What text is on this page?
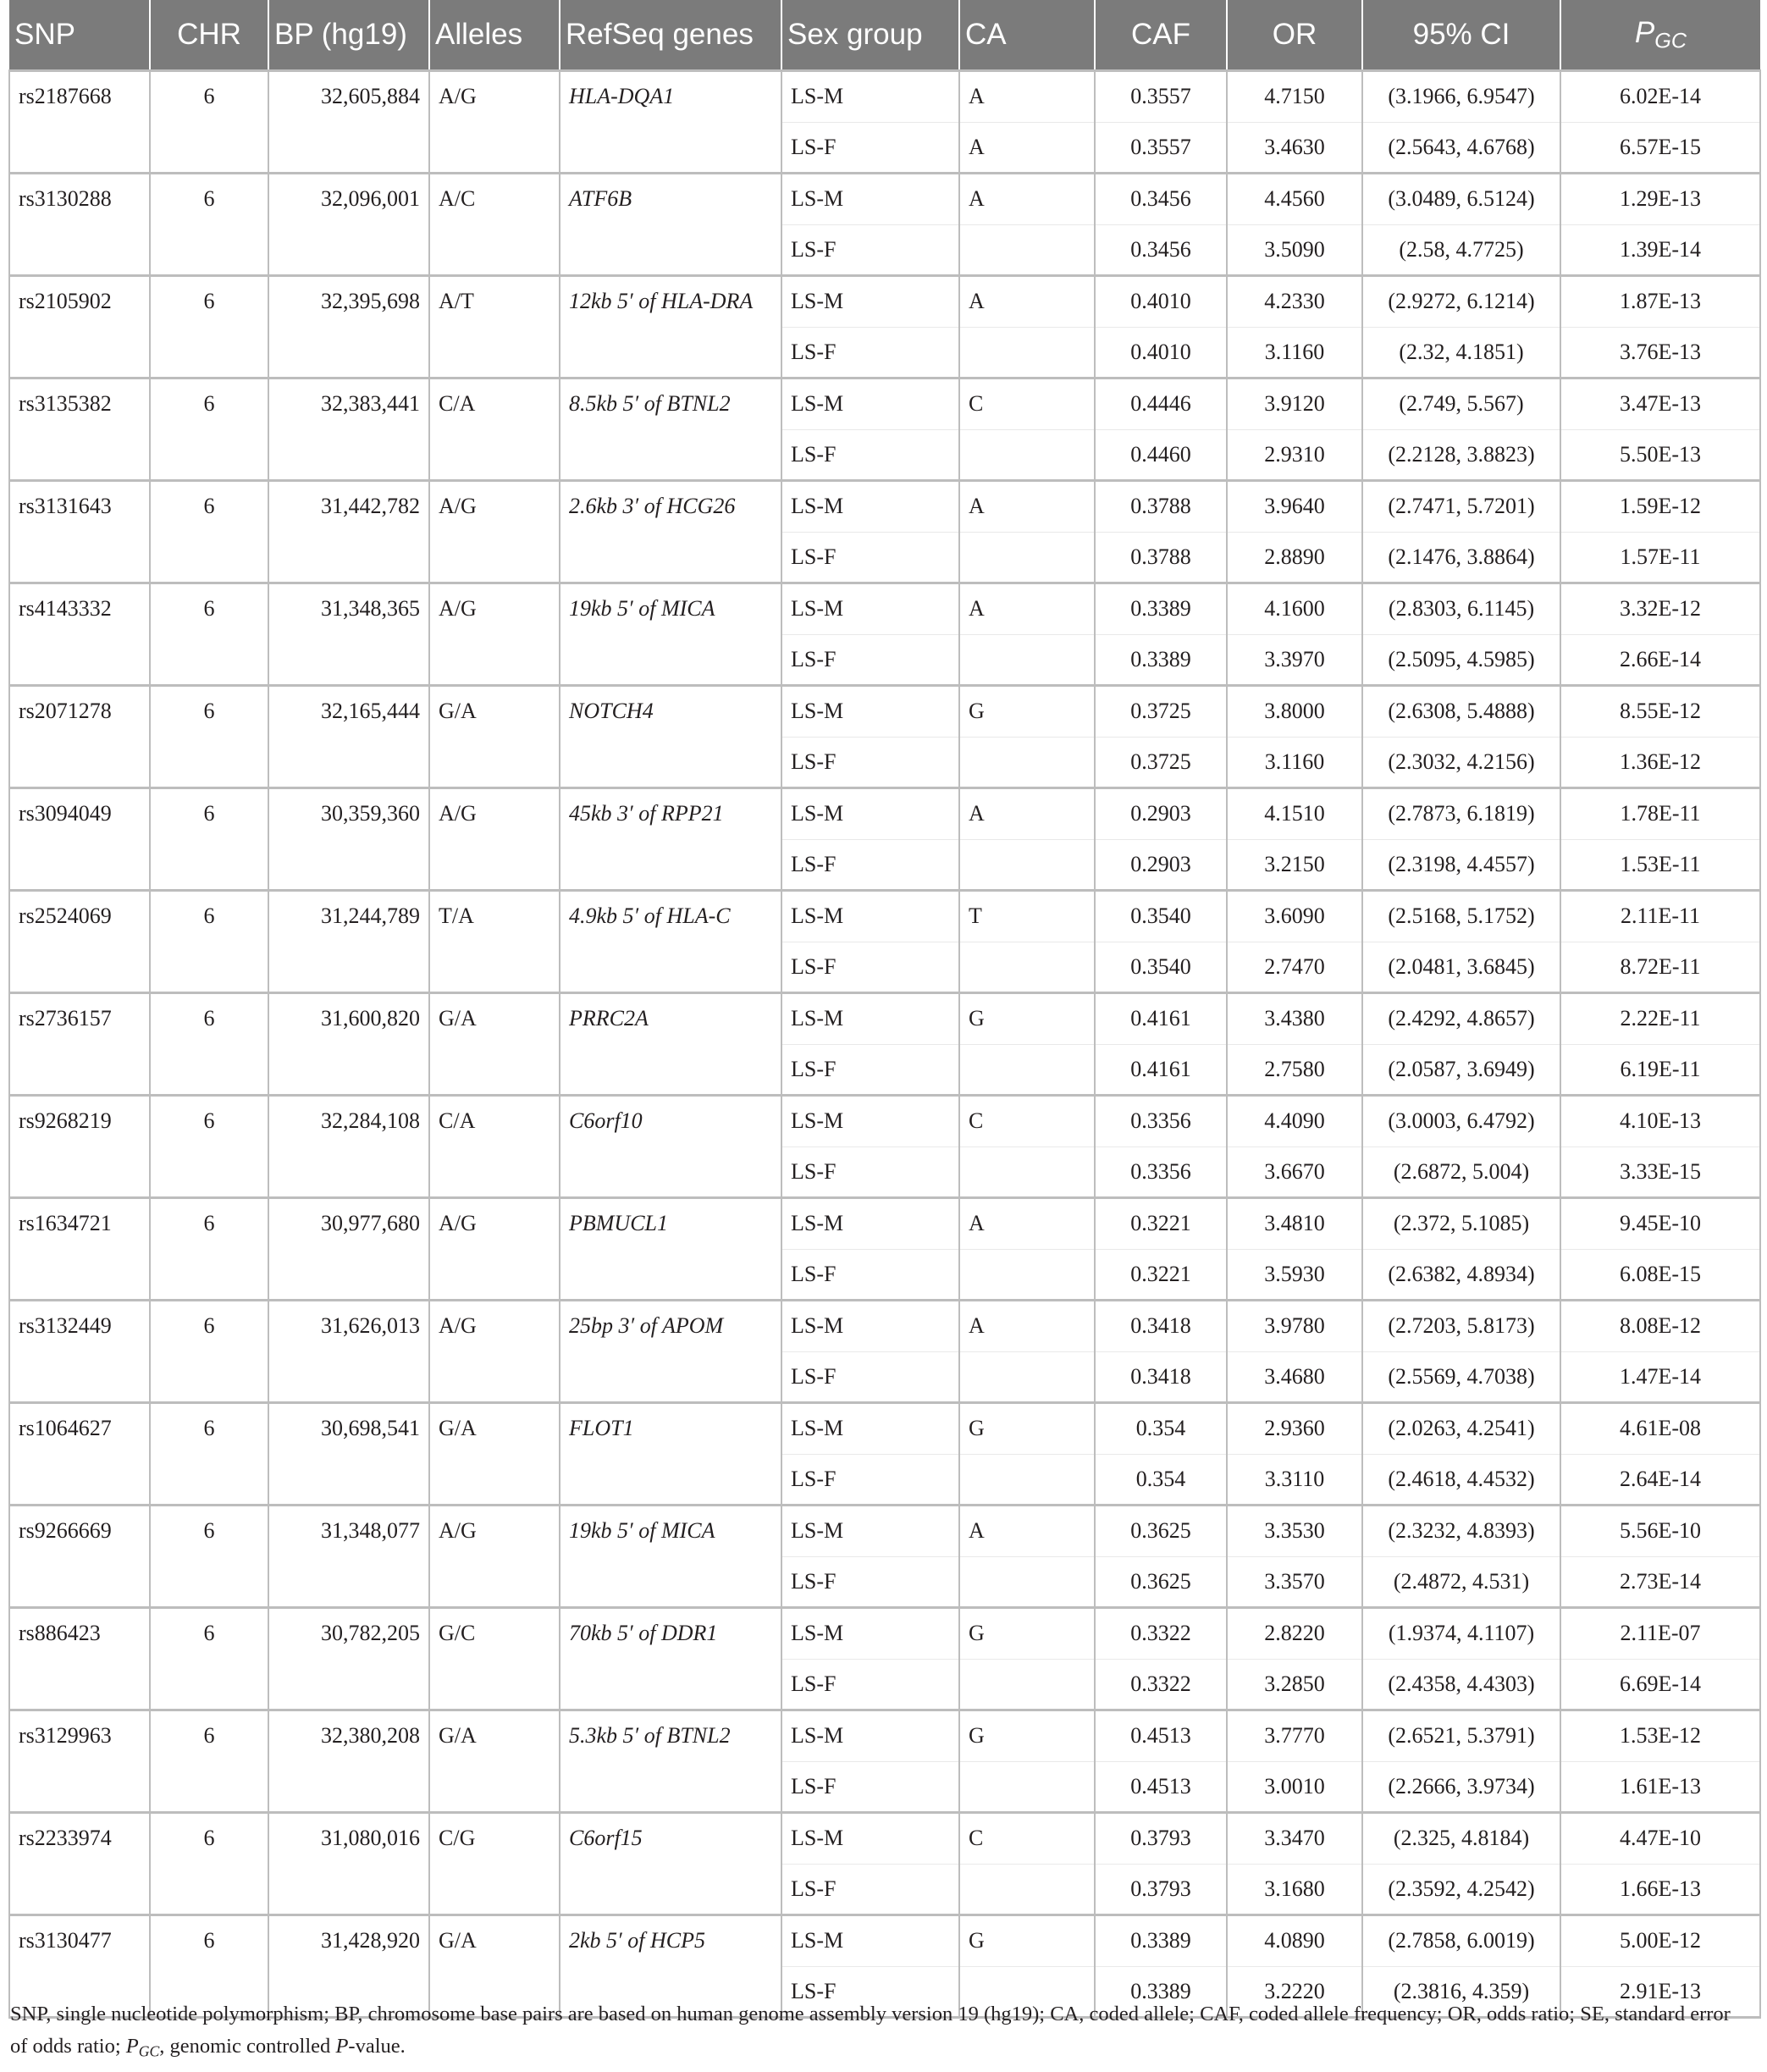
SNP	CHR	BP (hg19)	Alleles	RefSeq genes	Sex group	CA	CAF	OR	95% CI	PGC
rs2187668	6	32,605,884	A/G	HLA-DQA1	LS-M	A	0.3557	4.7150	(3.1966, 6.9547)	6.02E-14
					LS-F	A	0.3557	3.4630	(2.5643, 4.6768)	6.57E-15
rs3130288	6	32,096,001	A/C	ATF6B	LS-M	A	0.3456	4.4560	(3.0489, 6.5124)	1.29E-13
					LS-F		0.3456	3.5090	(2.58, 4.7725)	1.39E-14
rs2105902	6	32,395,698	A/T	12kb 5′ of HLA-DRA	LS-M	A	0.4010	4.2330	(2.9272, 6.1214)	1.87E-13
					LS-F		0.4010	3.1160	(2.32, 4.1851)	3.76E-13
rs3135382	6	32,383,441	C/A	8.5kb 5′ of BTNL2	LS-M	C	0.4446	3.9120	(2.749, 5.567)	3.47E-13
					LS-F		0.4460	2.9310	(2.2128, 3.8823)	5.50E-13
rs3131643	6	31,442,782	A/G	2.6kb 3′ of HCG26	LS-M	A	0.3788	3.9640	(2.7471, 5.7201)	1.59E-12
					LS-F		0.3788	2.8890	(2.1476, 3.8864)	1.57E-11
rs4143332	6	31,348,365	A/G	19kb 5′ of MICA	LS-M	A	0.3389	4.1600	(2.8303, 6.1145)	3.32E-12
					LS-F		0.3389	3.3970	(2.5095, 4.5985)	2.66E-14
rs2071278	6	32,165,444	G/A	NOTCH4	LS-M	G	0.3725	3.8000	(2.6308, 5.4888)	8.55E-12
					LS-F		0.3725	3.1160	(2.3032, 4.2156)	1.36E-12
rs3094049	6	30,359,360	A/G	45kb 3′ of RPP21	LS-M	A	0.2903	4.1510	(2.7873, 6.1819)	1.78E-11
					LS-F		0.2903	3.2150	(2.3198, 4.4557)	1.53E-11
rs2524069	6	31,244,789	T/A	4.9kb 5′ of HLA-C	LS-M	T	0.3540	3.6090	(2.5168, 5.1752)	2.11E-11
					LS-F		0.3540	2.7470	(2.0481, 3.6845)	8.72E-11
rs2736157	6	31,600,820	G/A	PRRC2A	LS-M	G	0.4161	3.4380	(2.4292, 4.8657)	2.22E-11
					LS-F		0.4161	2.7580	(2.0587, 3.6949)	6.19E-11
rs9268219	6	32,284,108	C/A	C6orf10	LS-M	C	0.3356	4.4090	(3.0003, 6.4792)	4.10E-13
					LS-F		0.3356	3.6670	(2.6872, 5.004)	3.33E-15
rs1634721	6	30,977,680	A/G	PBMUCL1	LS-M	A	0.3221	3.4810	(2.372, 5.1085)	9.45E-10
					LS-F		0.3221	3.5930	(2.6382, 4.8934)	6.08E-15
rs3132449	6	31,626,013	A/G	25bp 3′ of APOM	LS-M	A	0.3418	3.9780	(2.7203, 5.8173)	8.08E-12
					LS-F		0.3418	3.4680	(2.5569, 4.7038)	1.47E-14
rs1064627	6	30,698,541	G/A	FLOT1	LS-M	G	0.354	2.9360	(2.0263, 4.2541)	4.61E-08
					LS-F		0.354	3.3110	(2.4618, 4.4532)	2.64E-14
rs9266669	6	31,348,077	A/G	19kb 5′ of MICA	LS-M	A	0.3625	3.3530	(2.3232, 4.8393)	5.56E-10
					LS-F		0.3625	3.3570	(2.4872, 4.531)	2.73E-14
rs886423	6	30,782,205	G/C	70kb 5′ of DDR1	LS-M	G	0.3322	2.8220	(1.9374, 4.1107)	2.11E-07
					LS-F		0.3322	3.2850	(2.4358, 4.4303)	6.69E-14
rs3129963	6	32,380,208	G/A	5.3kb 5′ of BTNL2	LS-M	G	0.4513	3.7770	(2.6521, 5.3791)	1.53E-12
					LS-F		0.4513	3.0010	(2.2666, 3.9734)	1.61E-13
rs2233974	6	31,080,016	C/G	C6orf15	LS-M	C	0.3793	3.3470	(2.325, 4.8184)	4.47E-10
					LS-F		0.3793	3.1680	(2.3592, 4.2542)	1.66E-13
rs3130477	6	31,428,920	G/A	2kb 5′ of HCP5	LS-M	G	0.3389	4.0890	(2.7858, 6.0019)	5.00E-12
					LS-F		0.3389	3.2220	(2.3816, 4.359)	2.91E-13
SNP, single nucleotide polymorphism; BP, chromosome base pairs are based on human genome assembly version 19 (hg19); CA, coded allele; CAF, coded allele frequency; OR, odds ratio; SE, standard error of odds ratio; PGC, genomic controlled P-value.
